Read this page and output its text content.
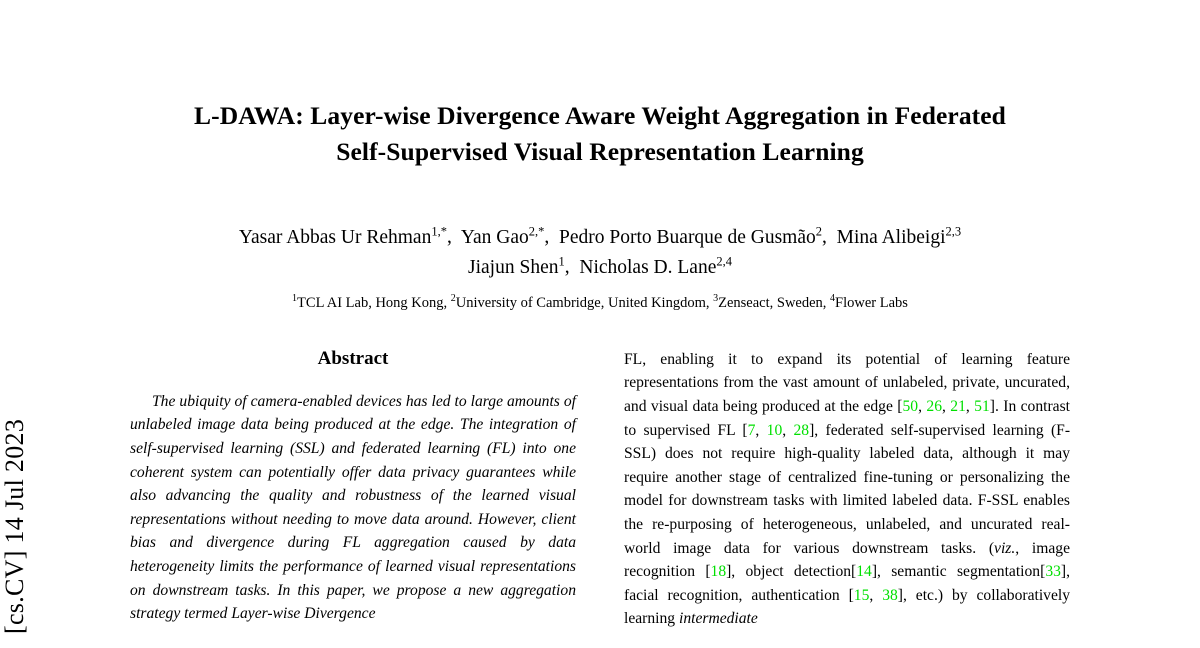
[cs.CV] 14 Jul 2023
L-DAWA: Layer-wise Divergence Aware Weight Aggregation in Federated
Self-Supervised Visual Representation Learning
Yasar Abbas Ur Rehman$^{1,*}$,  Yan Gao$^{2,*}$,  Pedro Porto Buarque de Gusmão$^2$,  Mina Alibeigi$^{2,3}$
Jiajun Shen$^1$,  Nicholas D. Lane$^{2,4}$
$^1$TCL AI Lab, Hong Kong, $^2$University of Cambridge, United Kingdom, $^3$Zenseact, Sweden, $^4$Flower Labs
Abstract
The ubiquity of camera-enabled devices has led to large amounts of unlabeled image data being produced at the edge. The integration of self-supervised learning (SSL) and federated learning (FL) into one coherent system can potentially offer data privacy guarantees while also advancing the quality and robustness of the learned visual representations without needing to move data around. However, client bias and divergence during FL aggregation caused by data heterogeneity limits the performance of learned visual representations on downstream tasks. In this paper, we propose a new aggregation strategy termed Layer-wise Divergence
FL, enabling it to expand its potential of learning feature representations from the vast amount of unlabeled, private, uncurated, and visual data being produced at the edge [50, 26, 21, 51]. In contrast to supervised FL [7, 10, 28], federated self-supervised learning (F-SSL) does not require high-quality labeled data, although it may require another stage of centralized fine-tuning or personalizing the model for downstream tasks with limited labeled data. F-SSL enables the re-purposing of heterogeneous, unlabeled, and uncurated real-world image data for various downstream tasks. (viz., image recognition [18], object detection[14], semantic segmentation[33], facial recognition, authentication [15, 38], etc.) by collaboratively learning intermediate
